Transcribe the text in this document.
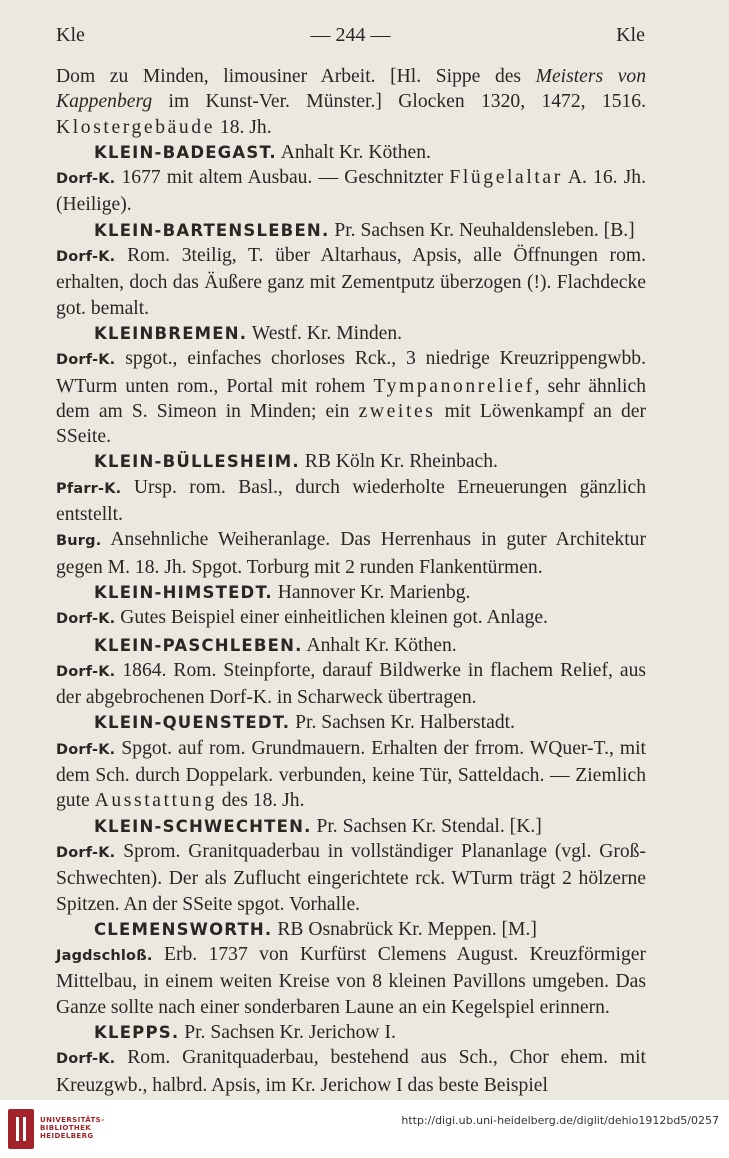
Kle	— 244 —	Kle

Dom zu Minden, limousiner Arbeit. [Hl. Sippe des Meisters von Kappenberg im Kunst-Ver. Münster.] Glocken 1320, 1472, 1516. Klostergebäude 18. Jh.

KLEIN-BADEGAST. Anhalt Kr. Köthen.

Dorf-K. 1677 mit altem Ausbau. — Geschnitzter Flügelaltar A. 16. Jh. (Heilige).

KLEIN-BARTENSLEBEN. Pr. Sachsen Kr. Neuhaldensleben. [B.]

Dorf-K. Rom. 3teilig, T. über Altarhaus, Apsis, alle Öffnungen rom. erhalten, doch das Äußere ganz mit Zementputz überzogen (!). Flachdecke got. bemalt.

KLEINBREMEN. Westf. Kr. Minden.

Dorf-K. spgot., einfaches chorloses Rck., 3 niedrige Kreuzrippengwbb. WTurm unten rom., Portal mit rohem Tympanonrelief, sehr ähnlich dem am S. Simeon in Minden; ein zweites mit Löwenkampf an der SSeite.

KLEIN-BÜLLESHEIM. RB Köln Kr. Rheinbach.

Pfarr-K. Ursp. rom. Basl., durch wiederholte Erneuerungen gänzlich entstellt.

Burg. Ansehnliche Weiheranlage. Das Herrenhaus in guter Architektur gegen M. 18. Jh. Spgot. Torburg mit 2 runden Flankentürmen.

KLEIN-HIMSTEDT. Hannover Kr. Marienbg.

Dorf-K. Gutes Beispiel einer einheitlichen kleinen got. Anlage.

KLEIN-PASCHLEBEN. Anhalt Kr. Köthen.

Dorf-K. 1864. Rom. Steinpforte, darauf Bildwerke in flachem Relief, aus der abgebrochenen Dorf-K. in Scharweck übertragen.

KLEIN-QUENSTEDT. Pr. Sachsen Kr. Halberstadt.

Dorf-K. Spgot. auf rom. Grundmauern. Erhalten der frrom. WQuer-T., mit dem Sch. durch Doppelark. verbunden, keine Tür, Satteldach. — Ziemlich gute Ausstattung des 18. Jh.

KLEIN-SCHWECHTEN. Pr. Sachsen Kr. Stendal. [K.]

Dorf-K. Sprom. Granitquaderbau in vollständiger Plananlage (vgl. Groß-Schwechten). Der als Zuflucht eingerichtete rck. WTurm trägt 2 hölzerne Spitzen. An der SSeite spgot. Vorhalle.

CLEMENSWORTH. RB Osnabrück Kr. Meppen. [M.]

Jagdschloß. Erb. 1737 von Kurfürst Clemens August. Kreuzförmiger Mittelbau, in einem weiten Kreise von 8 kleinen Pavillons umgeben. Das Ganze sollte nach einer sonderbaren Laune an ein Kegelspiel erinnern.

KLEPPS. Pr. Sachsen Kr. Jerichow I.

Dorf-K. Rom. Granitquaderbau, bestehend aus Sch., Chor ehem. mit Kreuzgwb., halbrd. Apsis, im Kr. Jerichow I das beste Beispiel

UNIVERSITÄTS-
BIBLIOTHEK
HEIDELBERG
http://digi.ub.uni-heidelberg.de/diglit/dehio1912bd5/0257
